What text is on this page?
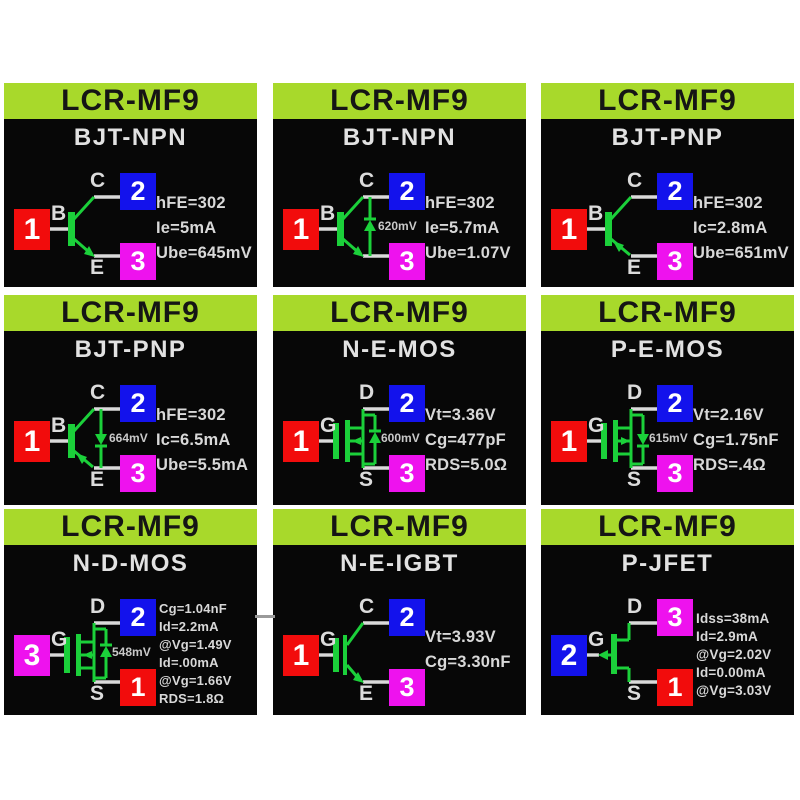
LCR-MF9
BJT-NPN
C
B
E
2
1
3
hFE=302
Ie=5mA
Ube=645mV
LCR-MF9
BJT-NPN
C
B
2
1
3
620mV
hFE=302
Ie=5.7mA
Ube=1.07V
LCR-MF9
BJT-PNP
C
B
E
2
1
3
hFE=302
Ic=2.8mA
Ube=651mV
LCR-MF9
BJT-PNP
C
B
E
2
1
3
664mV
hFE=302
Ic=6.5mA
Ube=5.5mA
LCR-MF9
N-E-MOS
D
G
S
2
1
3
600mV
Vt=3.36V
Cg=477pF
RDS=5.0Ω
LCR-MF9
P-E-MOS
D
G
S
2
1
3
615mV
Vt=2.16V
Cg=1.75nF
RDS=.4Ω
LCR-MF9
N-D-MOS
D
G
S
2
3
1
548mV
Cg=1.04nF
Id=2.2mA
@Vg=1.49V
Id=.00mA
@Vg=1.66V
RDS=1.8Ω
LCR-MF9
N-E-IGBT
C
G
E
2
1
3
Vt=3.93V
Cg=3.30nF
LCR-MF9
P-JFET
D
G
S
3
2
1
Idss=38mA
Id=2.9mA
@Vg=2.02V
Id=0.00mA
@Vg=3.03V
